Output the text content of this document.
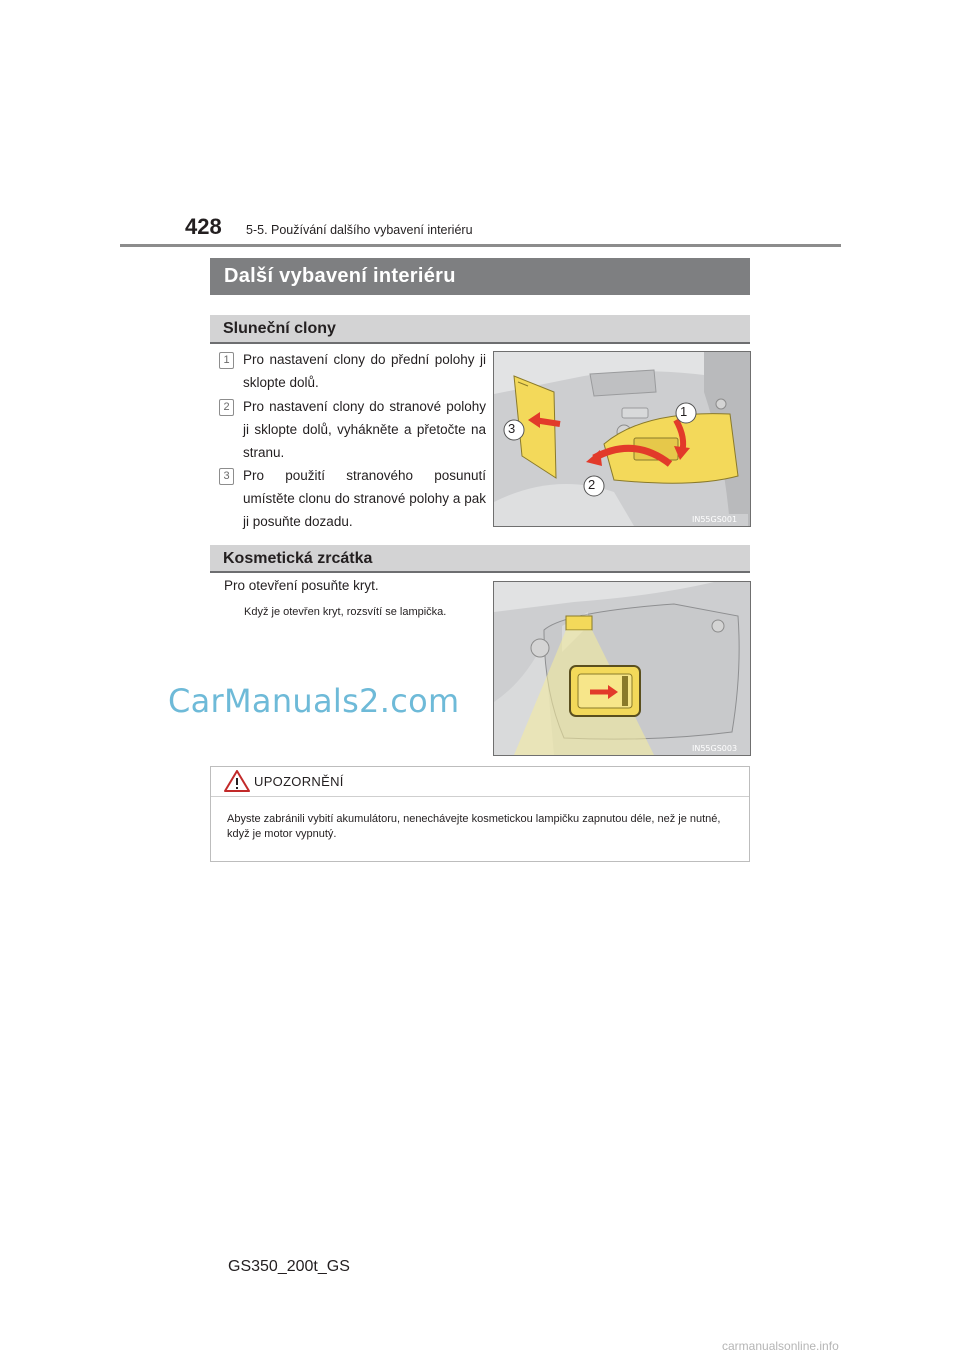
428 5-5. Používání dalšího vybavení interiéru
Další vybavení interiéru
Sluneční clony
1 Pro nastavení clony do přední polohy ji sklopte dolů.
2 Pro nastavení clony do stranové polohy ji sklopte dolů, vyhákněte a přetočte na stranu.
3 Pro použití stranového posunutí umístěte clonu do stranové polohy a pak ji posuňte dozadu.
1
2
3
IN55GS001
Kosmetická zrcátka
Pro otevření posuňte kryt.
Když je otevřen kryt, rozsvítí se lampička.
IN55GS003
CarManuals2.com
UPOZORNĚNÍ
Abyste zabránili vybití akumulátoru, nenechávejte kosmetickou lampičku zapnutou déle, než je nutné, když je motor vypnutý.
GS350_200t_GS
carmanualsonline.info
